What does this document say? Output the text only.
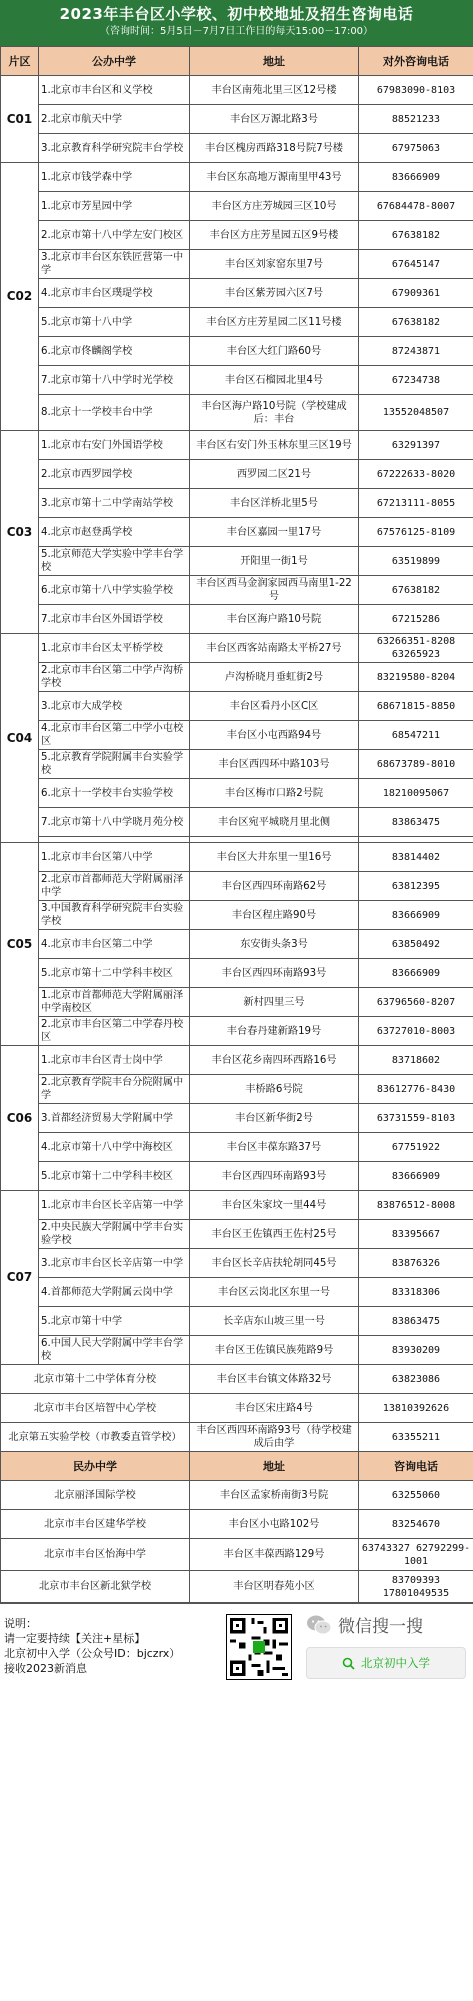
2023年丰台区小学校、初中校地址及招生咨询电话
（咨询时间：5月5日－7月7日工作日的每天15:00－17:00）
片区	公办中学	地址	对外咨询电话
C01	1.北京市丰台区和义学校	丰台区南苑北里三区12号楼	67983090-8103
	2.北京市航天中学	丰台区万源北路3号	88521233
	3.北京教育科学研究院丰台学校	丰台区槐房西路318号院7号楼	67975063
C02	1.北京市钱学森中学	丰台区东高地万源南里甲43号	83666909
	1.北京市芳星园中学	丰台区方庄芳城园三区10号	67684478-8007
	2.北京市第十八中学左安门校区	丰台区方庄芳星园五区9号楼	67638182
	3.北京市丰台区东铁匠营第一中学	丰台区刘家窑东里7号	67645147
	4.北京市丰台区璞瑅学校	丰台区紫芳园六区7号	67909361
	5.北京市第十八中学	丰台区方庄芳星园二区11号楼	67638182
	6.北京市佟麟阁学校	丰台区大红门路60号	87243871
	7.北京市第十八中学时光学校	丰台区石榴园北里4号	67234738
	8.北京十一学校丰台中学	丰台区海户路10号院（学校建成后：丰台	13552048507
C03	1.北京市右安门外国语学校	丰台区右安门外玉林东里三区19号	63291397
	2.北京市西罗园学校	西罗园二区21号	67222633-8020
	3.北京市第十二中学南站学校	丰台区洋桥北里5号	67213111-8055
	4.北京市赵登禹学校	丰台区嘉园一里17号	67576125-8109
	5.北京师范大学实验中学丰台学校	开阳里一街1号	63519899
	6.北京市第十八中学实验学校	丰台区西马金润家园西马南里1-22号	67638182
	7.北京市丰台区外国语学校	丰台区海户路10号院	67215286
C04	1.北京市丰台区太平桥学校	丰台区西客站南路太平桥27号	63266351-8208 63265923
	2.北京市丰台区第二中学卢沟桥学校	卢沟桥晓月垂虹街2号	83219580-8204
	3.北京市大成学校	丰台区看丹小区C区	68671815-8850
	4.北京市丰台区第二中学小屯校区	丰台区小屯西路94号	68547211
	5.北京教育学院附属丰台实验学校	丰台区西四环中路103号	68673789-8010
	6.北京十一学校丰台实验学校	丰台区梅市口路2号院	18210095067
	7.北京市第十八中学晓月苑分校	丰台区宛平城晓月里北侧	83863475

C05	1.北京市丰台区第八中学	丰台区大井东里一里16号	83814402
	2.北京市首都师范大学附属丽泽中学	丰台区西四环南路62号	63812395
	3.中国教育科学研究院丰台实验学校	丰台区程庄路90号	83666909
	4.北京市丰台区第二中学	东安街头条3号	63850492
	5.北京市第十二中学科丰校区	丰台区西四环南路93号	83666909
	1.北京市首都师范大学附属丽泽中学南校区	新村四里三号	63796560-8207
	2.北京市丰台区第二中学春丹校区	丰台春丹建新路19号	63727010-8003
C06	1.北京市丰台区青士岗中学	丰台区花乡南四环西路16号	83718602
	2.北京教育学院丰台分院附属中学	丰桥路6号院	83612776-8430
	3.首都经济贸易大学附属中学	丰台区新华街2号	63731559-8103
	4.北京市第十八中学中海校区	丰台区丰葆东路37号	67751922
	5.北京市第十二中学科丰校区	丰台区西四环南路93号	83666909
C07	1.北京市丰台区长辛店第一中学	丰台区朱家坟一里44号	83876512-8008
	2.中央民族大学附属中学丰台实验学校	丰台区王佐镇西王佐村25号	83395667
	3.北京市丰台区长辛店第一中学	丰台区长辛店扶轮胡同45号	83876326
	4.首都师范大学附属云岗中学	丰台区云岗北区东里一号	83318306
	5.北京市第十中学	长辛店东山坡三里一号	83863475
	6.中国人民大学附属中学丰台学校	丰台区王佐镇民族苑路9号	83930209
北京市第十二中学体育分校		丰台区丰台镇文体路32号	63823086
北京市丰台区培智中心学校		丰台区宋庄路4号	13810392626
北京第五实验学校（市教委直管学校）		丰台区西四环南路93号（待学校建成后由学	63355211
民办中学		地址	咨询电话
北京丽泽国际学校		丰台区孟家桥南街3号院	63255060
北京市丰台区建华学校		丰台区小屯路102号	83254670
北京市丰台区怡海中学		丰台区丰葆西路129号	63743327 62792299-1001
北京市丰台区新北狱学校		丰台区明春苑小区	83709393 17801049535
说明：
请一定要持续【关注+星标】
北京初中入学（公众号ID：bjczrx）
接收2023新消息
微信搜一搜
北京初中入学
